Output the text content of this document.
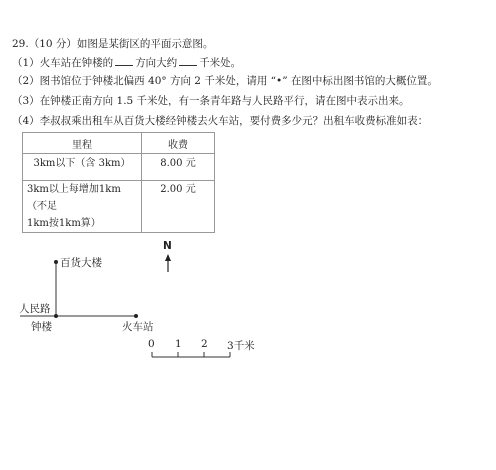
29.（10 分）如图是某街区的平面示意图。
（1）火车站在钟楼的 方向大约 千米处。
（2）图书馆位于钟楼北偏西 40° 方向 2 千米处，请用 “•” 在图中标出图书馆的大概位置。
（3）在钟楼正南方向 1.5 千米处，有一条青年路与人民路平行，请在图中表示出来。
（4）李叔叔乘出租车从百货大楼经钟楼去火车站，要付费多少元？出租车收费标准如表：
里程	收费
3km以下（含 3km）	8.00 元
3km以上每增加1km（不足
1km按1km算）	2.00 元
N
百货大楼
人民路
钟楼	火车站
0 1 2 3千米
